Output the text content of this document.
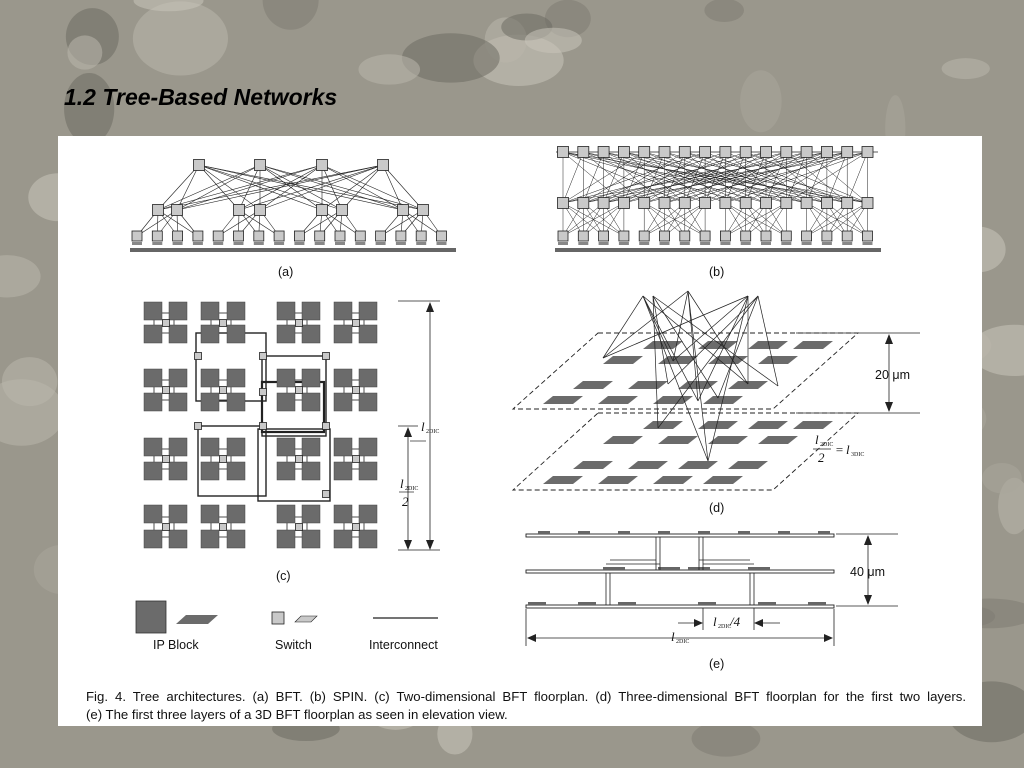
1.2 Tree-Based Networks
(a)	(b)
(c)
(d)
(e)
IP Block	Switch	Interconnect
20 μm
40 μm
l 2DIC
l 2DIC
2
l 2DIC
2
= l 3DIC
l 2DIC
/4
l 2DIC
Fig. 4. Tree architectures. (a) BFT. (b) SPIN. (c) Two-dimensional BFT floorplan. (d) Three-dimensional BFT floorplan for the first two layers.
(e) The first three layers of a 3D BFT floorplan as seen in elevation view.
